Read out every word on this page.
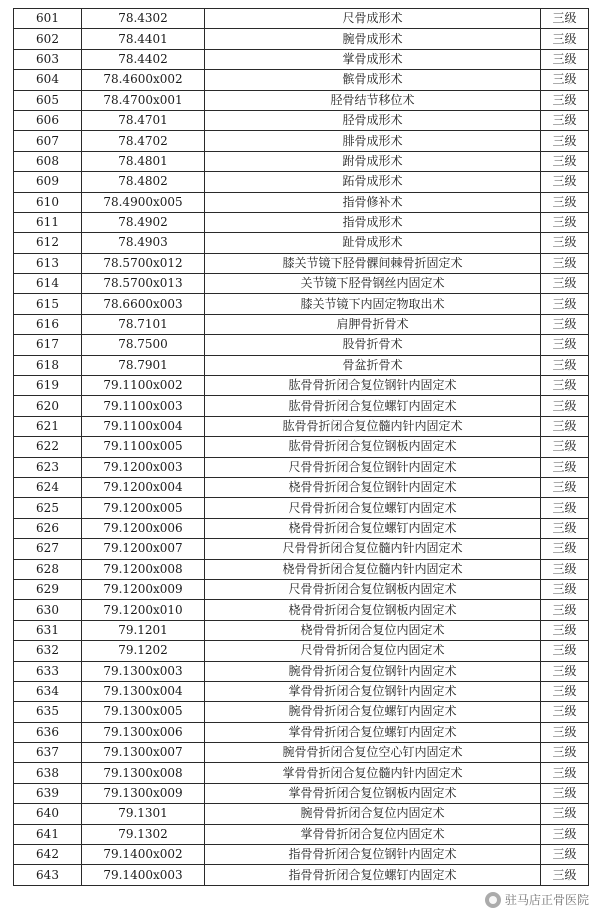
601	78.4302	尺骨成形术	三级
602	78.4401	腕骨成形术	三级
603	78.4402	掌骨成形术	三级
604	78.4600x002	髌骨成形术	三级
605	78.4700x001	胫骨结节移位术	三级
606	78.4701	胫骨成形术	三级
607	78.4702	腓骨成形术	三级
608	78.4801	跗骨成形术	三级
609	78.4802	跖骨成形术	三级
610	78.4900x005	指骨修补术	三级
611	78.4902	指骨成形术	三级
612	78.4903	趾骨成形术	三级
613	78.5700x012	膝关节镜下胫骨髁间棘骨折固定术	三级
614	78.5700x013	关节镜下胫骨钢丝内固定术	三级
615	78.6600x003	膝关节镜下内固定物取出术	三级
616	78.7101	肩胛骨折骨术	三级
617	78.7500	股骨折骨术	三级
618	78.7901	骨盆折骨术	三级
619	79.1100x002	肱骨骨折闭合复位钢针内固定术	三级
620	79.1100x003	肱骨骨折闭合复位螺钉内固定术	三级
621	79.1100x004	肱骨骨折闭合复位髓内针内固定术	三级
622	79.1100x005	肱骨骨折闭合复位钢板内固定术	三级
623	79.1200x003	尺骨骨折闭合复位钢针内固定术	三级
624	79.1200x004	桡骨骨折闭合复位钢针内固定术	三级
625	79.1200x005	尺骨骨折闭合复位螺钉内固定术	三级
626	79.1200x006	桡骨骨折闭合复位螺钉内固定术	三级
627	79.1200x007	尺骨骨折闭合复位髓内针内固定术	三级
628	79.1200x008	桡骨骨折闭合复位髓内针内固定术	三级
629	79.1200x009	尺骨骨折闭合复位钢板内固定术	三级
630	79.1200x010	桡骨骨折闭合复位钢板内固定术	三级
631	79.1201	桡骨骨折闭合复位内固定术	三级
632	79.1202	尺骨骨折闭合复位内固定术	三级
633	79.1300x003	腕骨骨折闭合复位钢针内固定术	三级
634	79.1300x004	掌骨骨折闭合复位钢针内固定术	三级
635	79.1300x005	腕骨骨折闭合复位螺钉内固定术	三级
636	79.1300x006	掌骨骨折闭合复位螺钉内固定术	三级
637	79.1300x007	腕骨骨折闭合复位空心钉内固定术	三级
638	79.1300x008	掌骨骨折闭合复位髓内针内固定术	三级
639	79.1300x009	掌骨骨折闭合复位钢板内固定术	三级
640	79.1301	腕骨骨折闭合复位内固定术	三级
641	79.1302	掌骨骨折闭合复位内固定术	三级
642	79.1400x002	指骨骨折闭合复位钢针内固定术	三级
643	79.1400x003	指骨骨折闭合复位螺钉内固定术	三级
驻马店正骨医院
